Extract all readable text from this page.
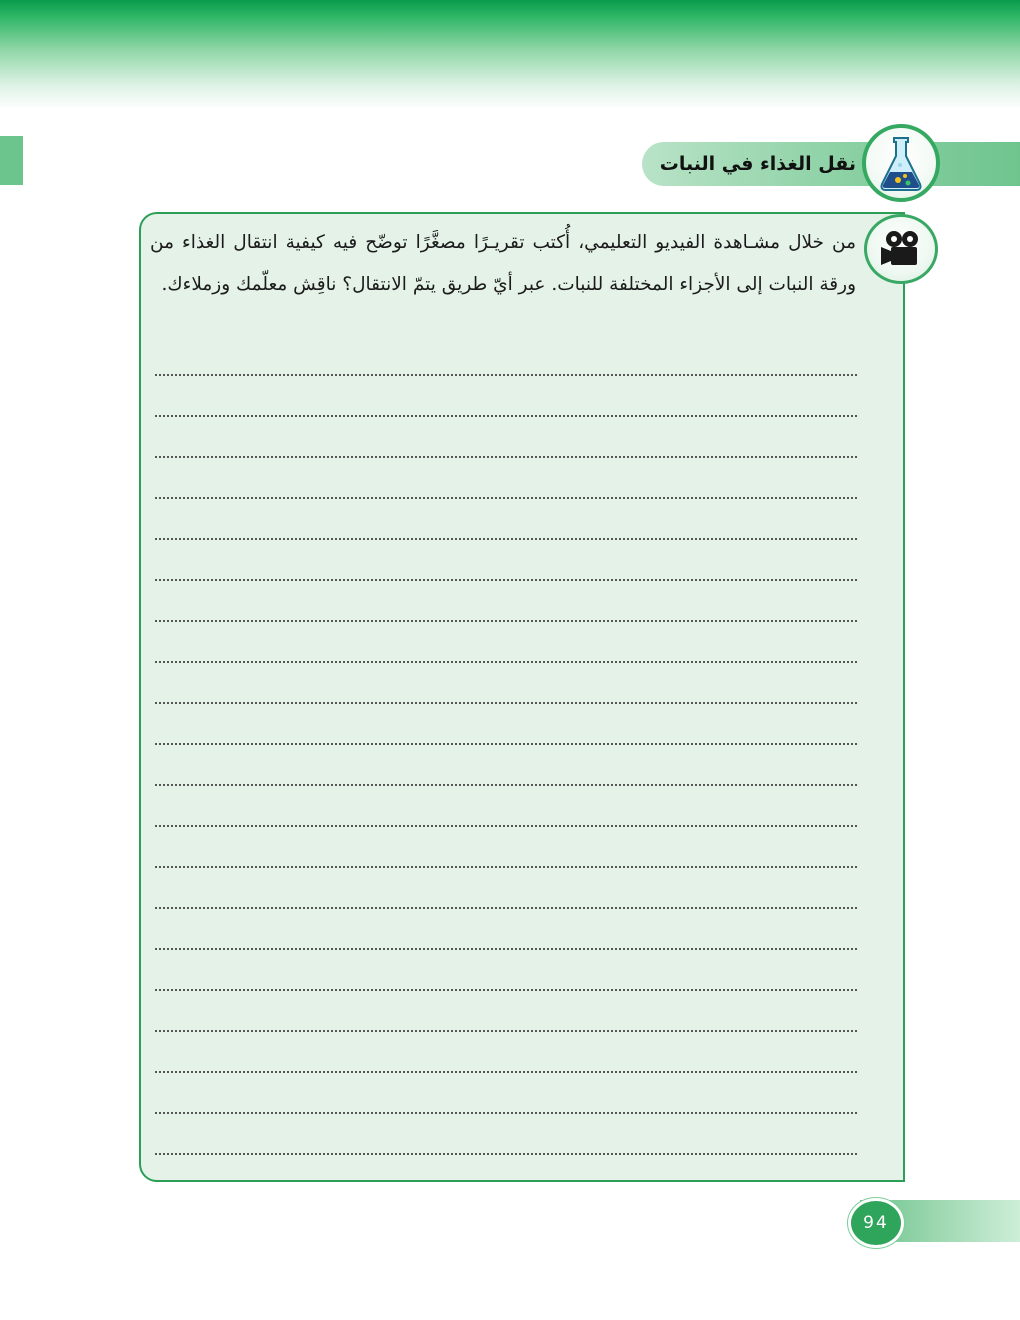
نقل الغذاء في النبات
من خلال مشـاهدة الفيديو التعليمي، أُكتب تقريـرًا مصغَّرًا توضّح فيه كيفية انتقال الغذاء من ورقة النبات إلى الأجزاء المختلفة للنبات. عبر أيّ طريق يتمّ الانتقال؟ ناقِش معلّمك وزملاءك.
94
